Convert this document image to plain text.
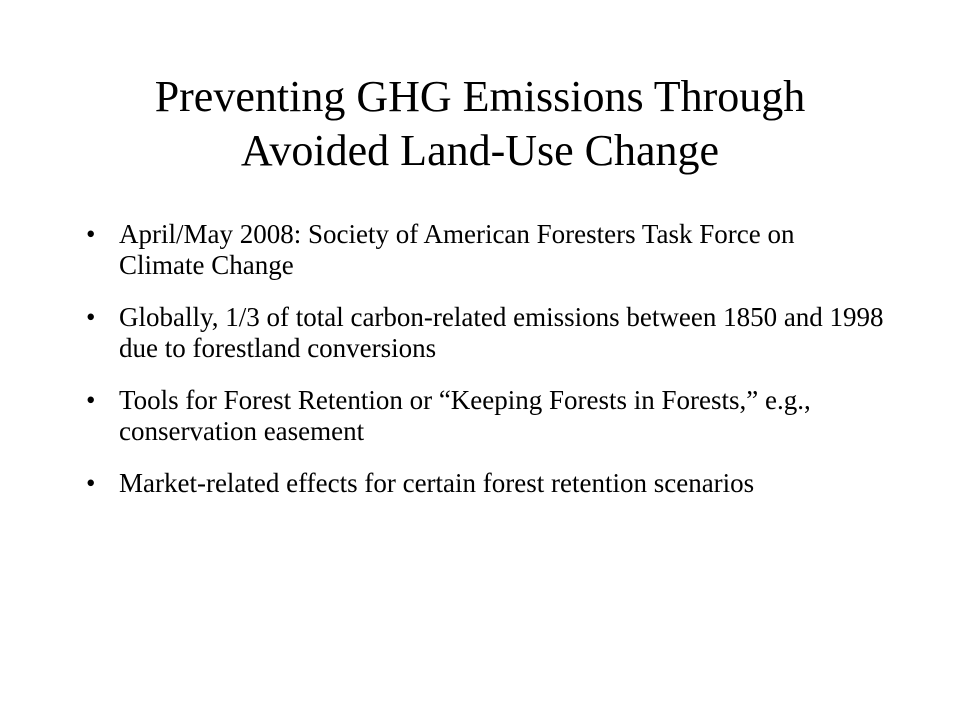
Preventing GHG Emissions Through
Avoided Land-Use Change
• April/May 2008: Society of American Foresters Task Force on Climate Change
• Globally, 1/3 of total carbon-related emissions between 1850 and 1998 due to forestland conversions
• Tools for Forest Retention or “Keeping Forests in Forests,” e.g., conservation easement
• Market-related effects for certain forest retention scenarios
